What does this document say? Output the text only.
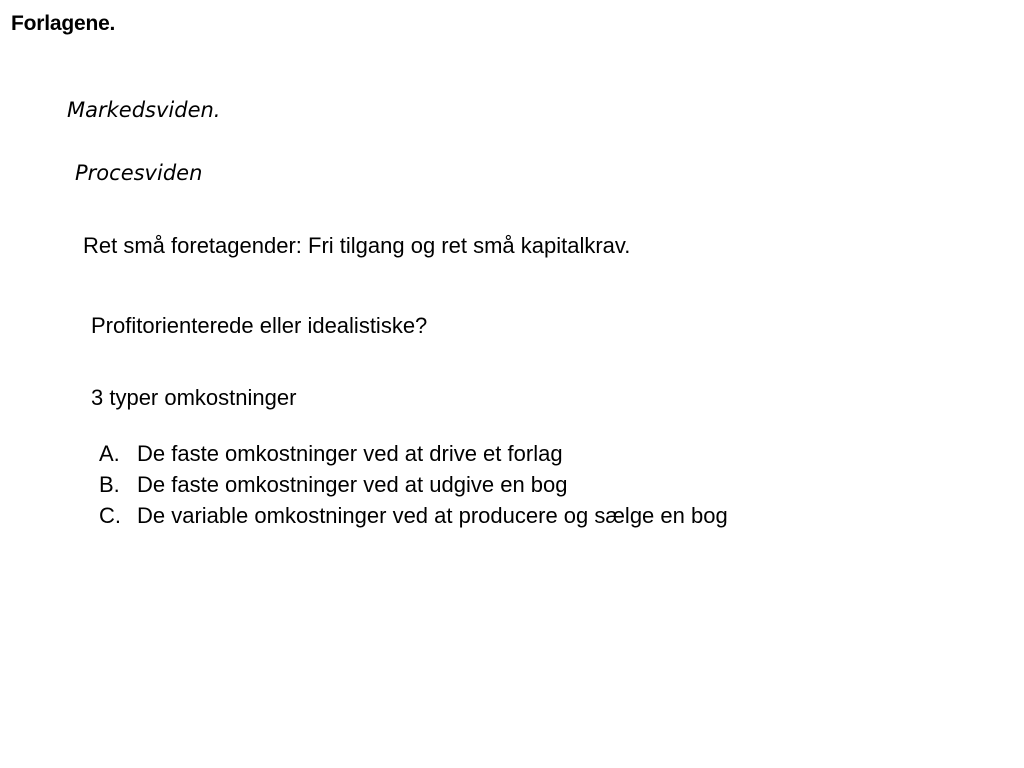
Forlagene.
Markedsviden.
Procesviden
Ret små foretagender: Fri tilgang og ret små kapitalkrav.
Profitorienterede eller idealistiske?
3 typer omkostninger
A. De faste omkostninger ved at drive et forlag
B. De faste omkostninger ved at udgive en bog
C. De variable omkostninger ved at producere og sælge en bog
